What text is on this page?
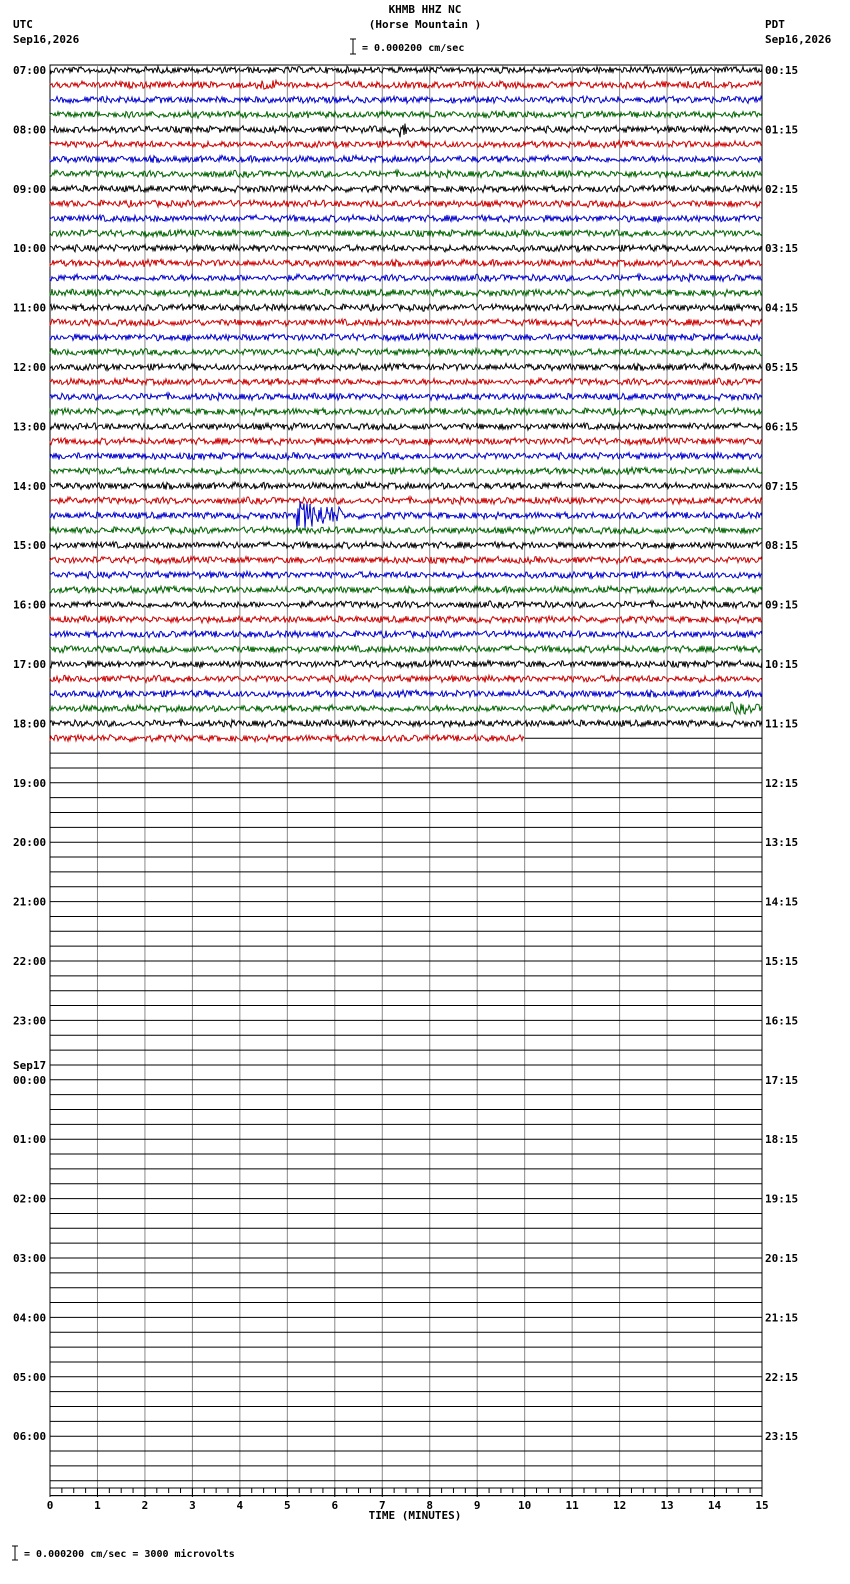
KHMB HHZ NC
(Horse Mountain )
UTC
Sep16,2026
PDT
Sep16,2026
= 0.000200 cm/sec
TIME (MINUTES)
= 0.000200 cm/sec = 3000 microvolts
07:00
08:00
09:00
10:00
11:00
12:00
13:00
14:00
15:00
16:00
17:00
18:00
19:00
20:00
21:00
22:00
23:00
00:00
01:00
02:00
03:00
04:00
05:00
06:00
00:15
01:15
02:15
03:15
04:15
05:15
06:15
07:15
08:15
09:15
10:15
11:15
12:15
13:15
14:15
15:15
16:15
17:15
18:15
19:15
20:15
21:15
22:15
23:15
Sep17
0	1	2	3	4	5	6	7	8	9	10	11	12	13	14	15
